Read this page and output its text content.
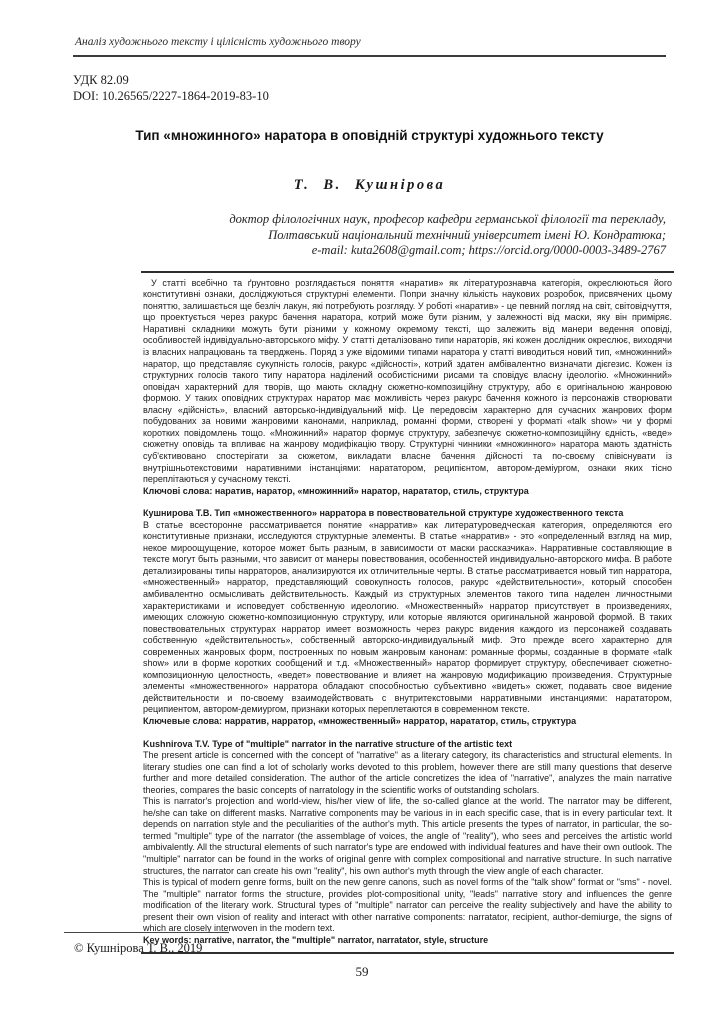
Аналіз художнього тексту і цілісність художнього твору
УДК 82.09
DOI: 10.26565/2227-1864-2019-83-10
Тип «множинного» наратора в оповідній структурі художнього тексту
Т. В. Кушнірова
доктор філологічних наук, професор кафедри германської філології та перекладу,
Полтавський національний технічний університет імені Ю. Кондратюка;
e-mail: kuta2608@gmail.com; https://orcid.org/0000-0003-3489-2767

У статті всебічно та ґрунтовно розглядається поняття «наратив» як літературознавча категорія, окреслюються його конститутивні ознаки, досліджуються структурні елементи. Попри значну кількість наукових розробок, присвячених цьому поняттю, залишається ще безліч лакун, які потребують розгляду. У роботі «наратив» - це певний погляд на світ, світовідчуття, що проектується через ракурс бачення наратора, котрий може бути різним, у залежності від маски, яку він приміряє. Наративні складники можуть бути різними у кожному окремому тексті, що залежить від манери ведення оповіді, особливостей індивідуально-авторського міфу. У статті деталізовано типи нараторів, які кожен дослідник окреслює, виходячи із власних напрацювань та тверджень. Поряд з уже відомими типами наратора у статті виводиться новий тип, «множинний» наратор, що представляє сукупність голосів, ракурс «дійсності», котрий здатен амбівалентно визначати дієгезис. Кожен із структурних голосів такого типу наратора наділений особистісними рисами та сповідує власну ідеологію. «Множинний» оповідач характерний для творів, що мають складну сюжетно-композиційну структуру, або є оригінальною жанровою формою. У таких оповідних структурах наратор має можливість через ракурс бачення кожного із персонажів створювати власну «дійсність», власний авторсько-індивідуальний міф. Це передовсім характерно для сучасних жанрових форм побудованих за новими жанровими канонами, наприклад, романні форми, створені у форматі «talk show» чи у формі коротких повідомлень тощо. «Множинний» наратор формує структуру, забезпечує сюжетно-композиційну єдність, «веде» сюжетну оповідь та впливає на жанрову модифікацію твору. Структурні чинники «множинного» наратора мають здатність суб'єктивовано спостерігати за сюжетом, викладати власне бачення дійсності та по-своєму співіснувати із внутрішньотекстовими наративними інстанціями: нарататором, реципієнтом, автором-деміургом, ознаки яких тісно переплітаються у сучасному тексті.

Ключові слова: наратив, наратор, «множинний» наратор, нарататор, стиль, структура

Кушнирова Т.В. Тип «множественного» нарратора в повествовательной структуре художественного текста

В статье всесторонне рассматривается понятие «нарратив» как литературоведческая категория, определяются его конститутивные признаки, исследуются структурные элементы. В статье «нарратив» - это «определенный взгляд на мир, некое мироощущение, которое может быть разным, в зависимости от маски рассказчика». Нарративные составляющие в тексте могут быть разными, что зависит от манеры повествования, особенностей индивидуально-авторского мифа. В работе детализированы типы нарраторов, анализируются их отличительные черты. В статье рассматривается новый тип нарратора, «множественный» нарратор, представляющий совокупность голосов, ракурс «действительности», который способен амбивалентно осмысливать действительность. Каждый из структурных элементов такого типа наделен личностными характеристиками и исповедует собственную идеологию. «Множественный» нарратор присутствует в произведениях, имеющих сложную сюжетно-композиционную структуру, или которые являются оригинальной жанровой формой. В таких повествовательных структурах нарратор имеет возможность через ракурс видения каждого из персонажей создавать собственную «действительность», собственный авторско-индивидуальный миф. Это прежде всего характерно для современных жанровых форм, построенных по новым жанровым канонам: романные формы, созданные в формате «talk show» или в форме коротких сообщений и т.д. «Множественный» наратор формирует структуру, обеспечивает сюжетно-композиционную целостность, «ведет» повествование и влияет на жанровую модификацию произведения. Структурные элементы «множественного» нарратора обладают способностью субъективно «видеть» сюжет, подавать свое видение действительности и по-своему взаимодействовать с внутритекстовыми нарративными инстанциями: нарататором, реципиентом, автором-демиургом, признаки которых переплетаются в современном тексте.

Ключевые слова: нарратив, нарратор, «множественный» нарратор, нарататор, стиль, структура

Kushnirova T.V. Type of "multiple" narrator in the narrative structure of the artistic text

The present article is concerned with the concept of "narrative" as a literary category, its characteristics and structural elements. In literary studies one can find a lot of scholarly works devoted to this problem, however there are still many questions that deserve further and more detailed consideration. The author of the article concretizes the idea of "narrative", analyzes the main narrative theories, compares the basic concepts of narratology in the scientific works of outstanding scholars.

This is narrator's projection and world-view, his/her view of life, the so-called glance at the world. The narrator may be different, he/she can take on different masks. Narrative components may be various in in each specific case, that is in every particular text. It depends on narration style and the peculiarities of the author's myth. This article presents the types of narrator, in particular, the so-termed "multiple" type of the narrator (the assemblage of voices, the angle of "reality"), who sees and perceives the artistic world ambivalently. All the structural elements of such narrator's type are endowed with individual features and have their own outlook. The "multiple" narrator can be found in the works of original genre with complex compositional and narrative structure. In such narrative structures, the narrator can create his own "reality", his own author's myth through the view angle of each character.

This is typical of modern genre forms, built on the new genre canons, such as novel forms of the "talk show" format or "sms" - novel. The "multiple" narrator forms the structure, provides plot-compositional unity, "leads" narrative story and influences the genre modification of the literary work. Structural types of "multiple" narrator can perceive the reality subjectively and have the ability to present their own vision of reality and interact with other narrative components: narratator, recipient, author-demiurge, the signs of which are closely interwoven in the modern text.

Key words: narrative, narrator, the "multiple" narrator, narratator, style, structure

© Кушнірова Т. В., 2019
59
